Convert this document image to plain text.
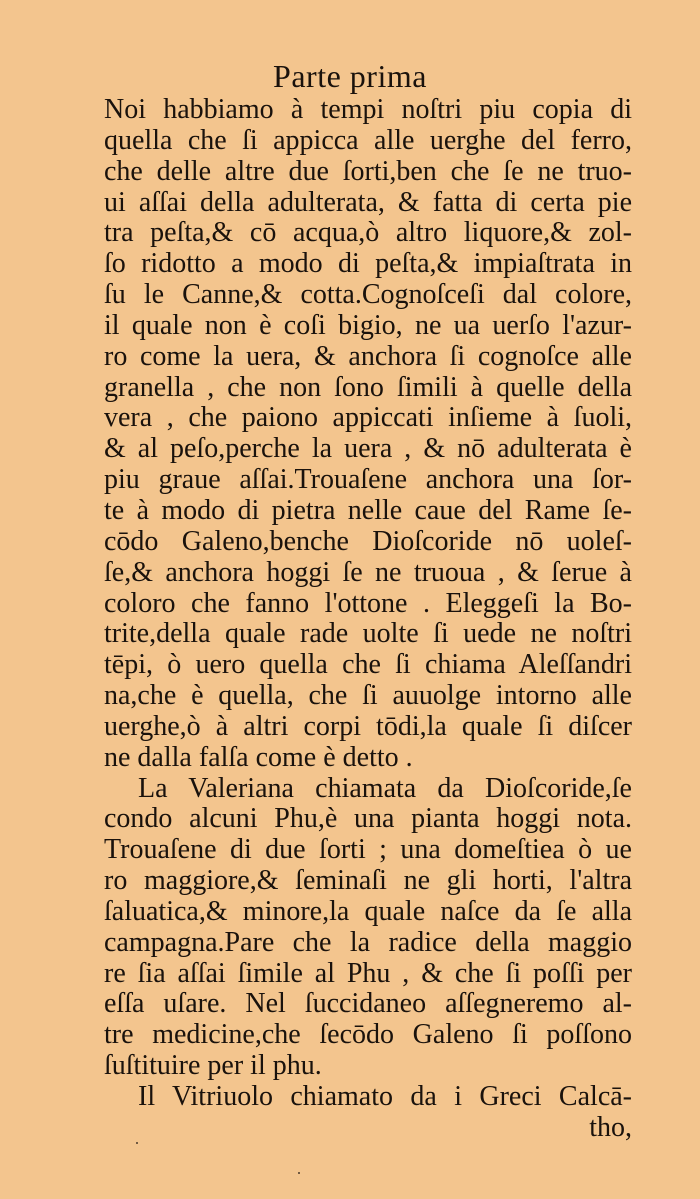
Parte prima
Noi habbiamo à tempi noſtri piu copia di
quella che ſi appicca alle uerghe del ferro,
che delle altre due ſorti,ben che ſe ne truo-
ui aſſai della adulterata, & fatta di certa pie
tra peſta,& cō acqua,ò altro liquore,& zol-
ſo ridotto a modo di peſta,& impiaſtrata in
ſu le Canne,& cotta.Cognoſceſi dal colore,
il quale non è coſi bigio, ne ua uerſo l'azur-
ro come la uera, & anchora ſi cognoſce alle
granella , che non ſono ſimili à quelle della
vera , che paiono appiccati inſieme à ſuoli,
& al peſo,perche la uera , & nō adulterata è
piu graue aſſai.Trouaſene anchora una ſor-
te à modo di pietra nelle caue del Rame ſe-
cōdo Galeno,benche Dioſcoride nō uoleſ-
ſe,& anchora hoggi ſe ne truoua , & ſerue à
coloro che fanno l'ottone . Eleggeſi la Bo-
trite,della quale rade uolte ſi uede ne noſtri
tēpi, ò uero quella che ſi chiama Aleſſandri
na,che è quella, che ſi auuolge intorno alle
uerghe,ò à altri corpi tōdi,la quale ſi diſcer
ne dalla falſa come è detto .
La Valeriana chiamata da Dioſcoride,ſe
condo alcuni Phu,è una pianta hoggi nota.
Trouaſene di due ſorti ; una domeſtiea ò ue
ro maggiore,& ſeminaſi ne gli horti, l'altra
ſaluatica,& minore,la quale naſce da ſe alla
campagna.Pare che la radice della maggio
re ſia aſſai ſimile al Phu , & che ſi poſſi per
eſſa uſare. Nel ſuccidaneo aſſegneremo al-
tre medicine,che ſecōdo Galeno ſi poſſono
ſuſtituire per il phu.
Il Vitriuolo chiamato da i Greci Calcā-
tho,
